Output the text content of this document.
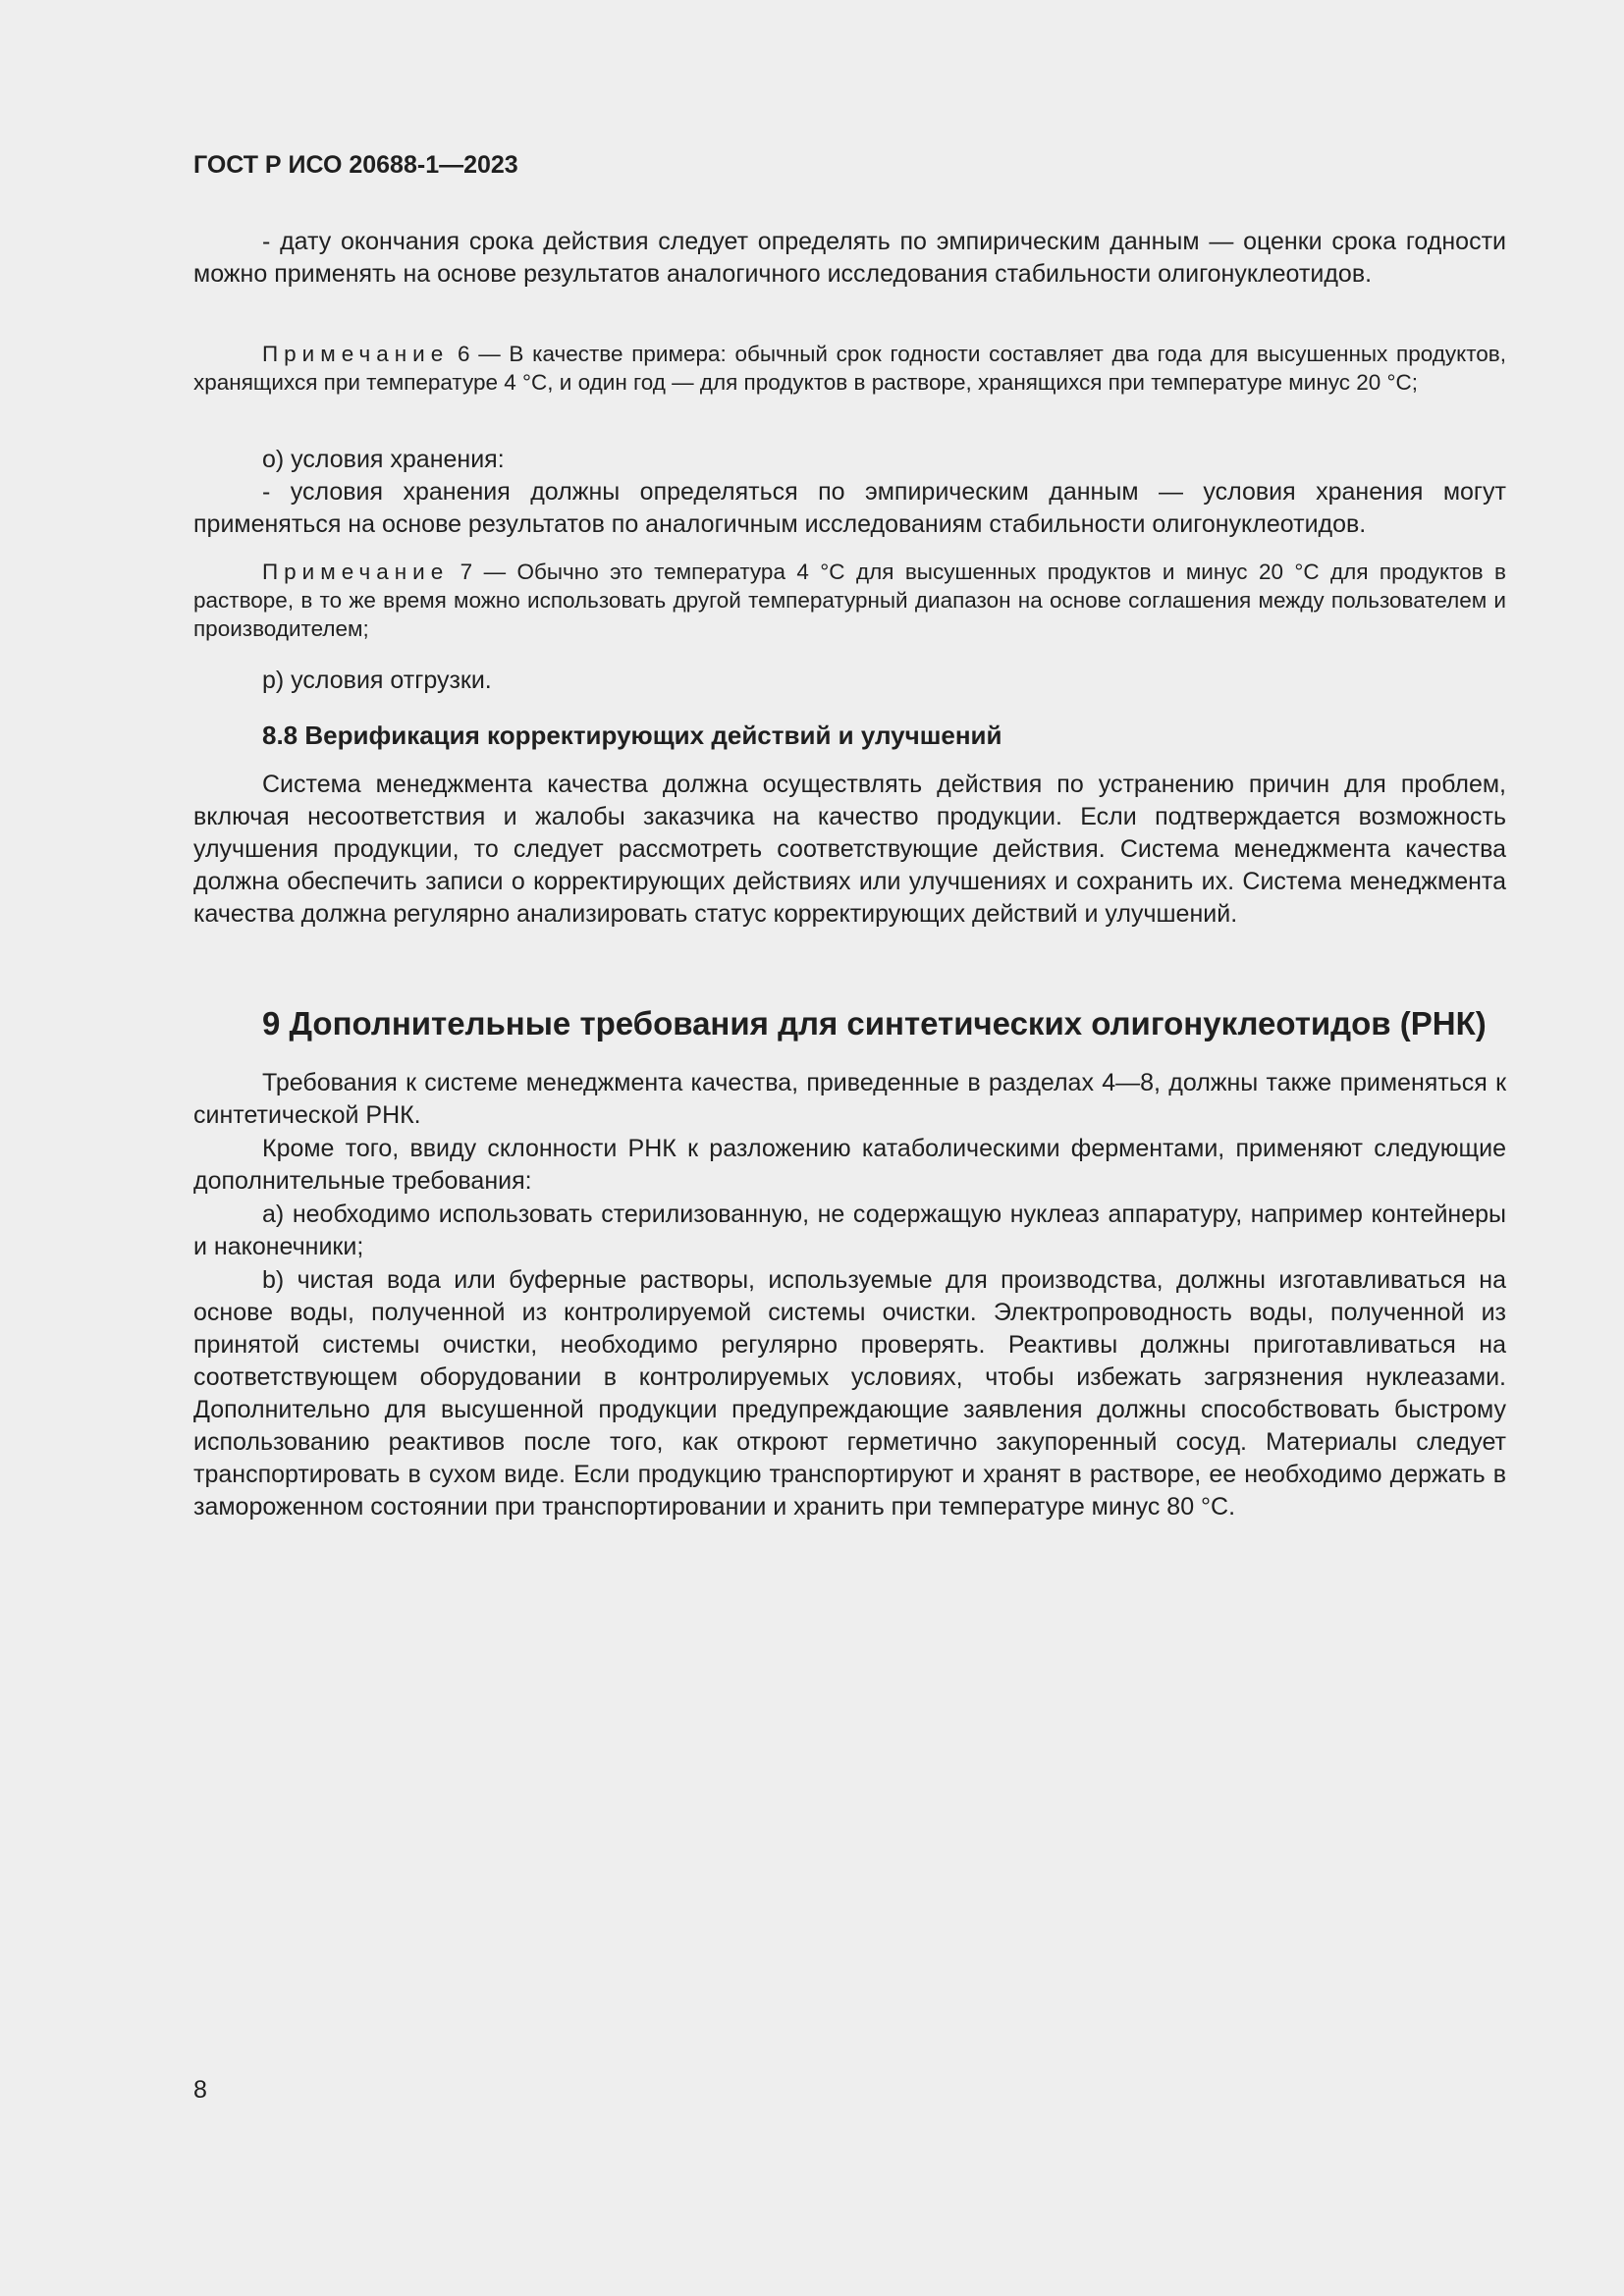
ГОСТ Р ИСО 20688-1—2023

- дату окончания срока действия следует определять по эмпирическим данным — оценки срока годности можно применять на основе результатов аналогичного исследования стабильности олигонуклеотидов.

Примечание 6 — В качестве примера: обычный срок годности составляет два года для высушенных продуктов, хранящихся при температуре 4 °С, и один год — для продуктов в растворе, хранящихся при температуре минус 20 °С;

о) условия хранения:

- условия хранения должны определяться по эмпирическим данным — условия хранения могут применяться на основе результатов по аналогичным исследованиям стабильности олигонуклеотидов.

Примечание 7 — Обычно это температура 4 °С для высушенных продуктов и минус 20 °С для продуктов в растворе, в то же время можно использовать другой температурный диапазон на основе соглашения между пользователем и производителем;

р) условия отгрузки.

8.8 Верификация корректирующих действий и улучшений

Система менеджмента качества должна осуществлять действия по устранению причин для проблем, включая несоответствия и жалобы заказчика на качество продукции. Если подтверждается возможность улучшения продукции, то следует рассмотреть соответствующие действия. Система менеджмента качества должна обеспечить записи о корректирующих действиях или улучшениях и сохранить их. Система менеджмента качества должна регулярно анализировать статус корректирующих действий и улучшений.

9 Дополнительные требования для синтетических олигонуклеотидов (РНК)

Требования к системе менеджмента качества, приведенные в разделах 4—8, должны также применяться к синтетической РНК.

Кроме того, ввиду склонности РНК к разложению катаболическими ферментами, применяют следующие дополнительные требования:

a) необходимо использовать стерилизованную, не содержащую нуклеаз аппаратуру, например контейнеры и наконечники;

b) чистая вода или буферные растворы, используемые для производства, должны изготавливаться на основе воды, полученной из контролируемой системы очистки. Электропроводность воды, полученной из принятой системы очистки, необходимо регулярно проверять. Реактивы должны приготавливаться на соответствующем оборудовании в контролируемых условиях, чтобы избежать загрязнения нуклеазами. Дополнительно для высушенной продукции предупреждающие заявления должны способствовать быстрому использованию реактивов после того, как откроют герметично закупоренный сосуд. Материалы следует транспортировать в сухом виде. Если продукцию транспортируют и хранят в растворе, ее необходимо держать в замороженном состоянии при транспортировании и хранить при температуре минус 80 °С.

8
